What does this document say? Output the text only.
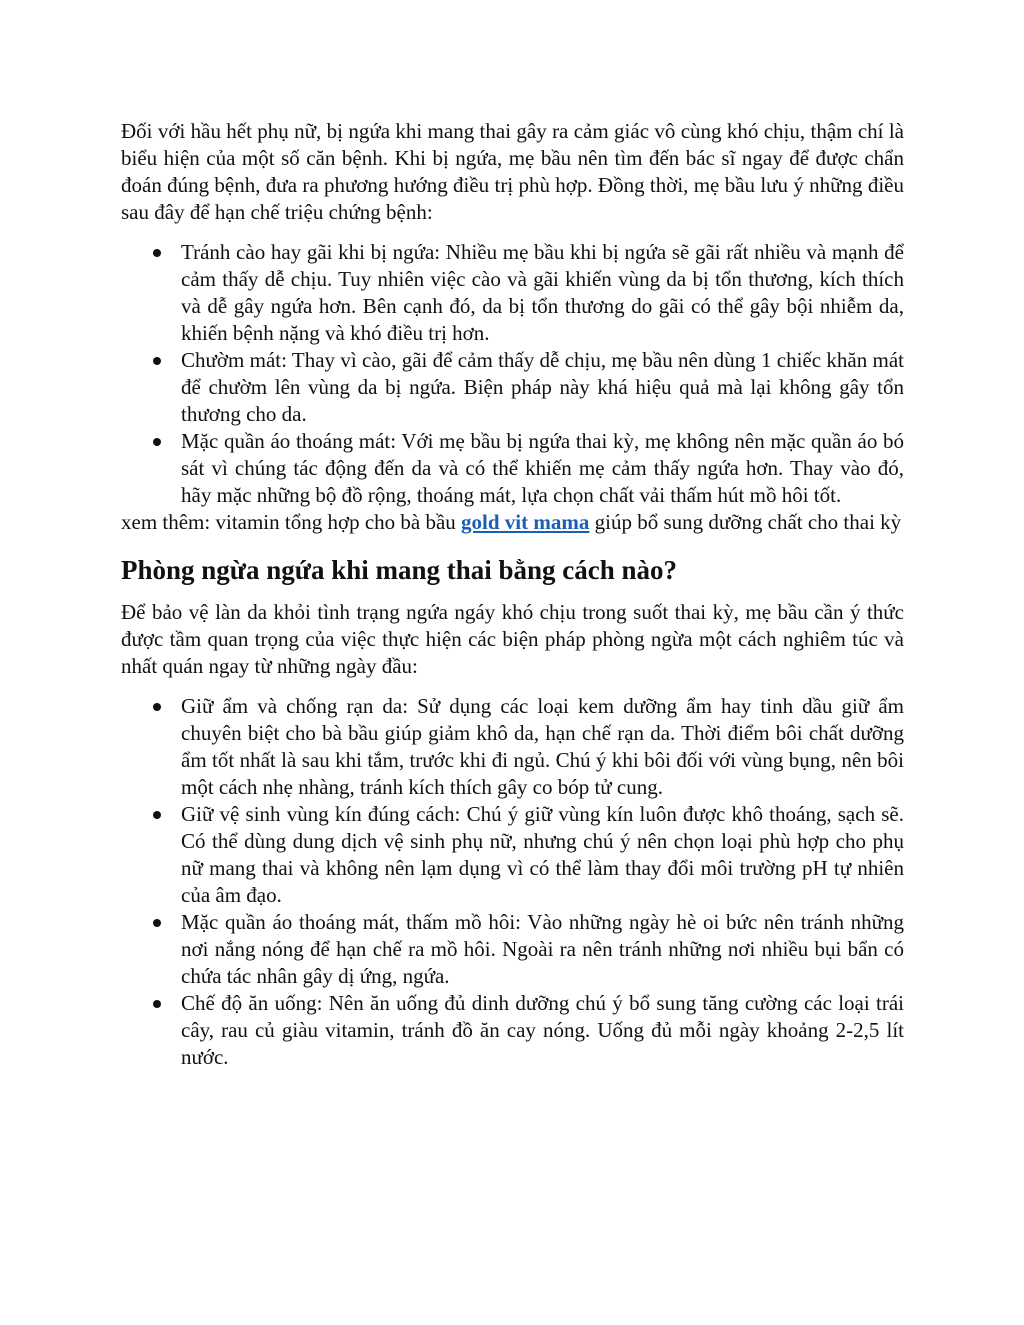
Đối với hầu hết phụ nữ, bị ngứa khi mang thai gây ra cảm giác vô cùng khó chịu, thậm chí là biểu hiện của một số căn bệnh. Khi bị ngứa, mẹ bầu nên tìm đến bác sĩ ngay để được chẩn đoán đúng bệnh, đưa ra phương hướng điều trị phù hợp. Đồng thời, mẹ bầu lưu ý những điều sau đây để hạn chế triệu chứng bệnh:

Tránh cào hay gãi khi bị ngứa: Nhiều mẹ bầu khi bị ngứa sẽ gãi rất nhiều và mạnh để cảm thấy dễ chịu. Tuy nhiên việc cào và gãi khiến vùng da bị tổn thương, kích thích và dễ gây ngứa hơn. Bên cạnh đó, da bị tổn thương do gãi có thể gây bội nhiễm da, khiến bệnh nặng và khó điều trị hơn.
Chườm mát: Thay vì cào, gãi để cảm thấy dễ chịu, mẹ bầu nên dùng 1 chiếc khăn mát để chườm lên vùng da bị ngứa. Biện pháp này khá hiệu quả mà lại không gây tổn thương cho da.
Mặc quần áo thoáng mát: Với mẹ bầu bị ngứa thai kỳ, mẹ không nên mặc quần áo bó sát vì chúng tác động đến da và có thể khiến mẹ cảm thấy ngứa hơn. Thay vào đó, hãy mặc những bộ đồ rộng, thoáng mát, lựa chọn chất vải thấm hút mồ hôi tốt.

xem thêm: vitamin tổng hợp cho bà bầu gold vit mama giúp bổ sung dưỡng chất cho thai kỳ

Phòng ngừa ngứa khi mang thai bằng cách nào?

Để bảo vệ làn da khỏi tình trạng ngứa ngáy khó chịu trong suốt thai kỳ, mẹ bầu cần ý thức được tầm quan trọng của việc thực hiện các biện pháp phòng ngừa một cách nghiêm túc và nhất quán ngay từ những ngày đầu:

Giữ ẩm và chống rạn da: Sử dụng các loại kem dưỡng ẩm hay tinh dầu giữ ẩm chuyên biệt cho bà bầu giúp giảm khô da, hạn chế rạn da. Thời điểm bôi chất dưỡng ẩm tốt nhất là sau khi tắm, trước khi đi ngủ. Chú ý khi bôi đối với vùng bụng, nên bôi một cách nhẹ nhàng, tránh kích thích gây co bóp tử cung.
Giữ vệ sinh vùng kín đúng cách: Chú ý giữ vùng kín luôn được khô thoáng, sạch sẽ. Có thể dùng dung dịch vệ sinh phụ nữ, nhưng chú ý nên chọn loại phù hợp cho phụ nữ mang thai và không nên lạm dụng vì có thể làm thay đổi môi trường pH tự nhiên của âm đạo.
Mặc quần áo thoáng mát, thấm mồ hôi: Vào những ngày hè oi bức nên tránh những nơi nắng nóng để hạn chế ra mồ hôi. Ngoài ra nên tránh những nơi nhiều bụi bẩn có chứa tác nhân gây dị ứng, ngứa.
Chế độ ăn uống: Nên ăn uống đủ dinh dưỡng chú ý bổ sung tăng cường các loại trái cây, rau củ giàu vitamin, tránh đồ ăn cay nóng. Uống đủ mỗi ngày khoảng 2-2,5 lít nước.
